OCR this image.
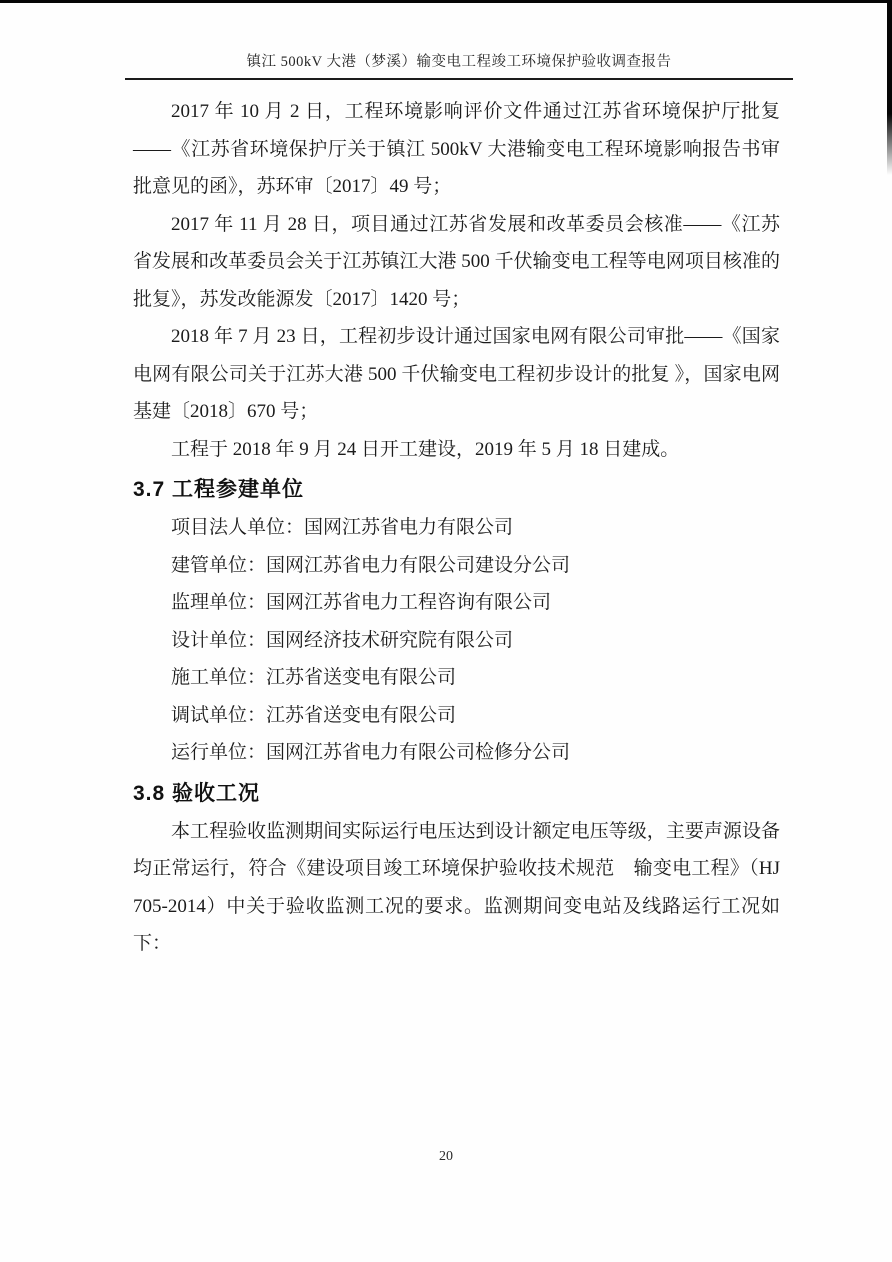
镇江 500kV 大港（梦溪）输变电工程竣工环境保护验收调查报告

2017 年 10 月 2 日，工程环境影响评价文件通过江苏省环境保护厅批复——《江苏省环境保护厅关于镇江 500kV 大港输变电工程环境影响报告书审批意见的函》，苏环审〔2017〕49 号；

2017 年 11 月 28 日，项目通过江苏省发展和改革委员会核准——《江苏省发展和改革委员会关于江苏镇江大港 500 千伏输变电工程等电网项目核准的批复》，苏发改能源发〔2017〕1420 号；

2018 年 7 月 23 日，工程初步设计通过国家电网有限公司审批——《国家电网有限公司关于江苏大港 500 千伏输变电工程初步设计的批复 》，国家电网基建〔2018〕670 号；

工程于 2018 年 9 月 24 日开工建设，2019 年 5 月 18 日建成。

3.7 工程参建单位

项目法人单位：国网江苏省电力有限公司

建管单位：国网江苏省电力有限公司建设分公司

监理单位：国网江苏省电力工程咨询有限公司

设计单位：国网经济技术研究院有限公司

施工单位：江苏省送变电有限公司

调试单位：江苏省送变电有限公司

运行单位：国网江苏省电力有限公司检修分公司

3.8 验收工况

本工程验收监测期间实际运行电压达到设计额定电压等级，主要声源设备均正常运行，符合《建设项目竣工环境保护验收技术规范　输变电工程》（HJ 705-2014）中关于验收监测工况的要求。监测期间变电站及线路运行工况如下：

20
